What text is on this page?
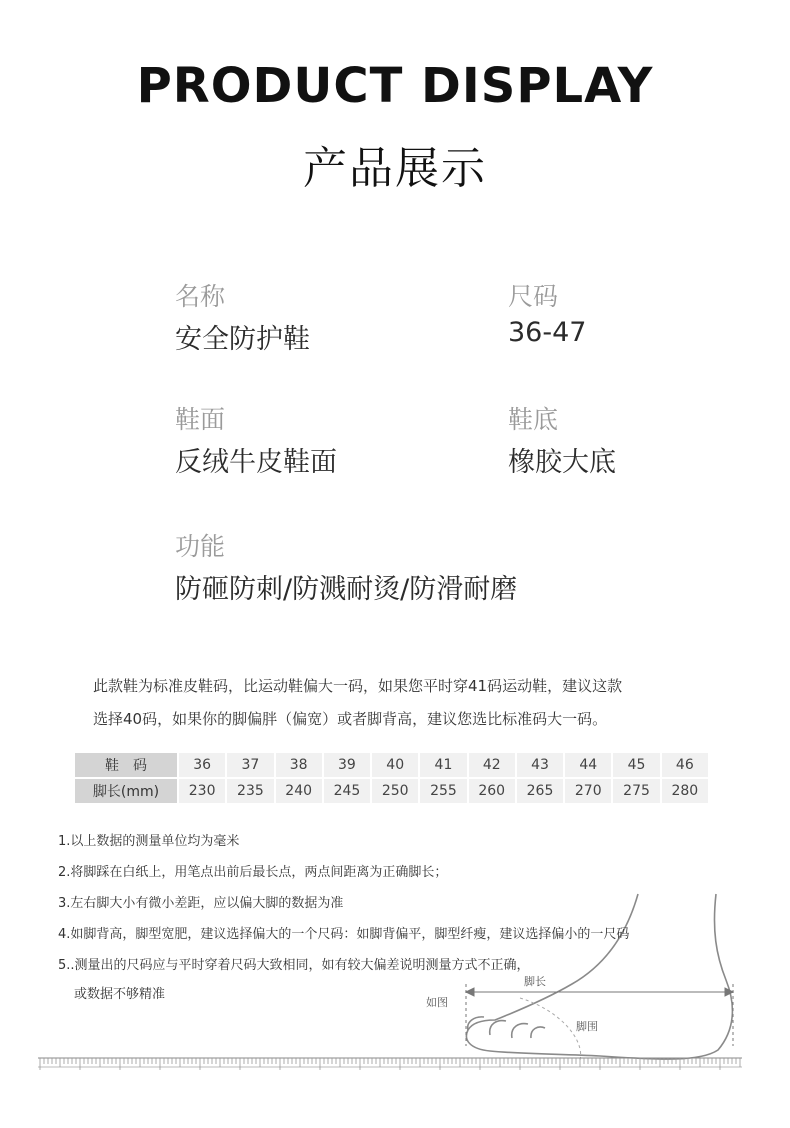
PRODUCT DISPLAY
产品展示
名称
安全防护鞋
尺码
36-47
鞋面
反绒牛皮鞋面
鞋底
橡胶大底
功能
防砸防刺/防溅耐烫/防滑耐磨
此款鞋为标准皮鞋码，比运动鞋偏大一码，如果您平时穿41码运动鞋，建议这款
选择40码，如果你的脚偏胖（偏宽）或者脚背高，建议您选比标准码大一码。
鞋　码	36	37	38	39	40	41	42	43	44	45	46
脚长(mm)	230	235	240	245	250	255	260	265	270	275	280
脚长
如图
脚围
1.以上数据的测量单位均为毫米
2.将脚踩在白纸上，用笔点出前后最长点，两点间距离为正确脚长；
3.左右脚大小有微小差距，应以偏大脚的数据为准
4.如脚背高，脚型宽肥，建议选择偏大的一个尺码：如脚背偏平，脚型纤瘦，建议选择偏小的一尺码
5..测量出的尺码应与平时穿着尺码大致相同，如有较大偏差说明测量方式不正确，
或数据不够精准
